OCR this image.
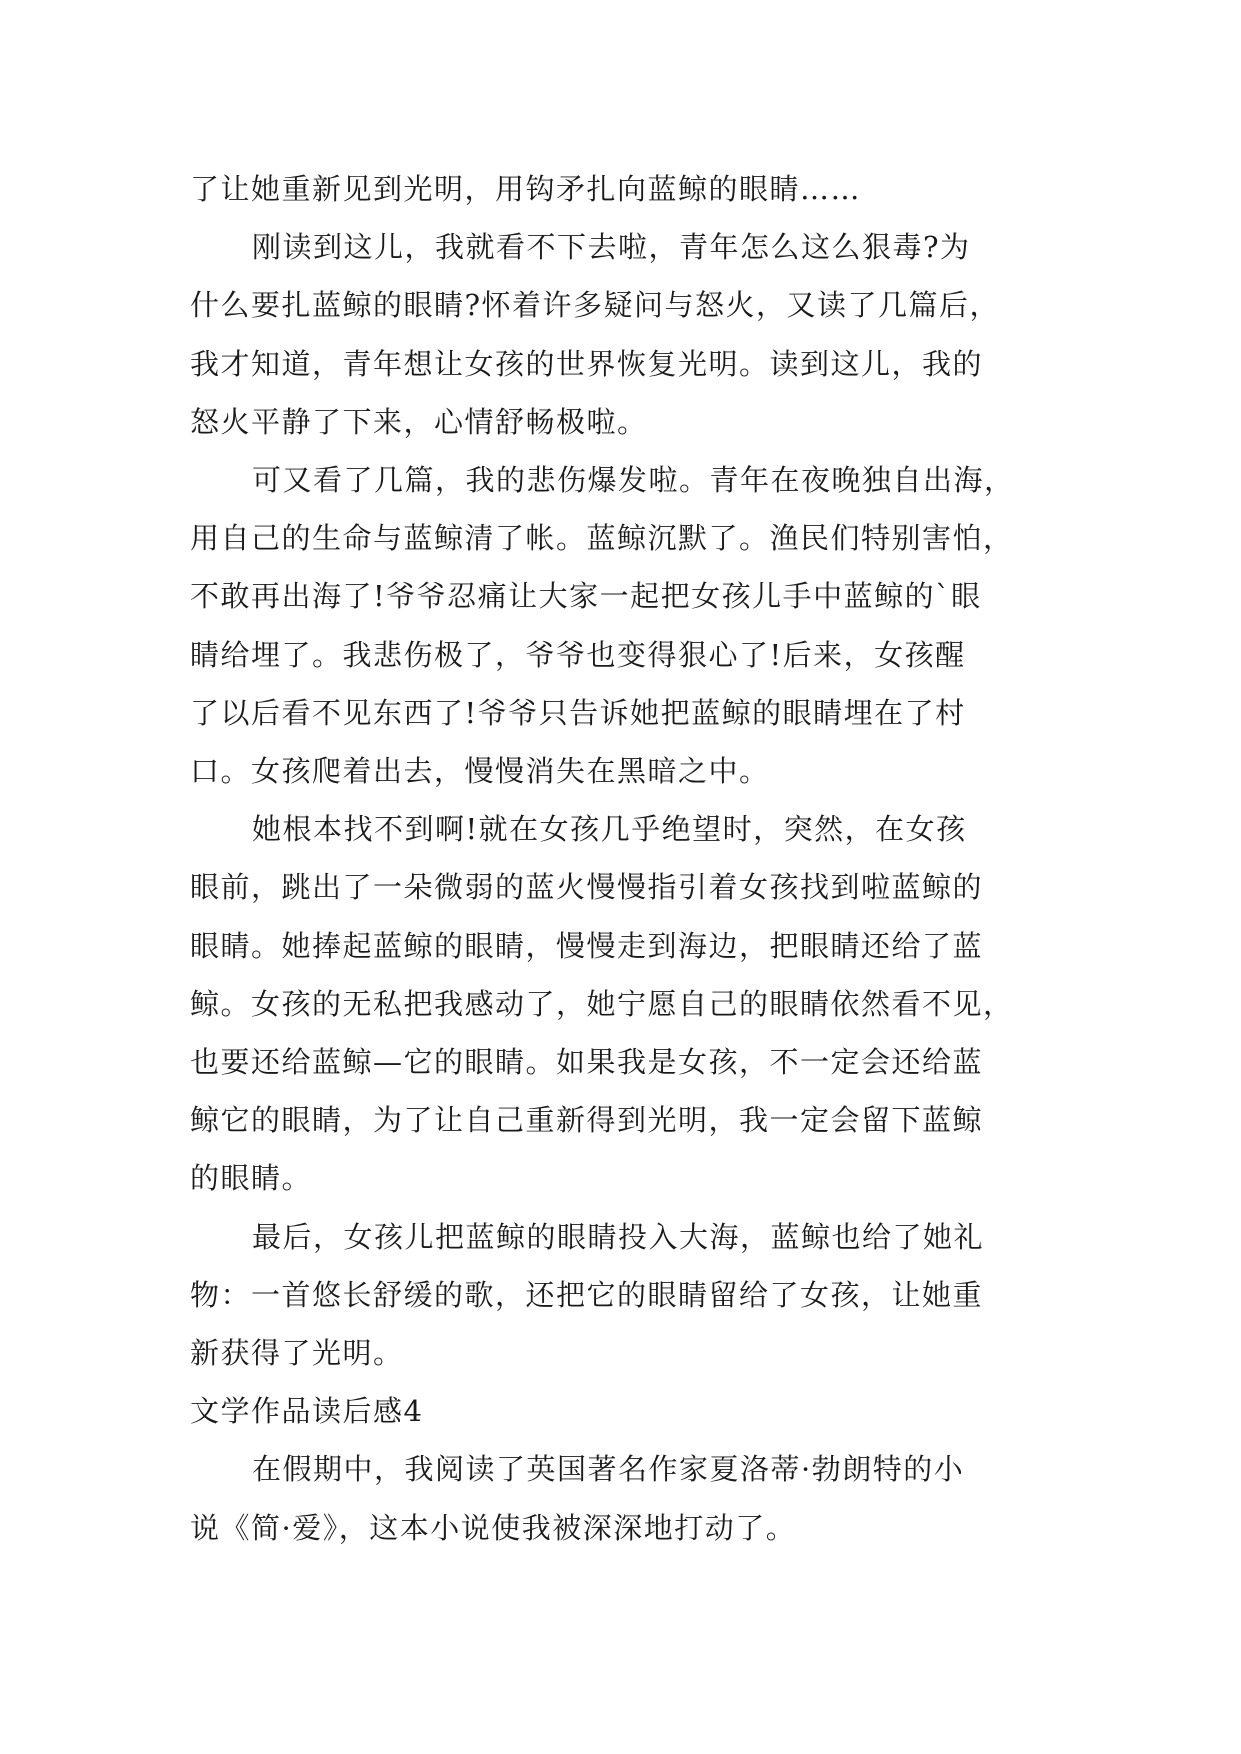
了让她重新见到光明，用钩矛扎向蓝鲸的眼睛……
刚读到这儿，我就看不下去啦，青年怎么这么狠毒?为
什么要扎蓝鲸的眼睛?怀着许多疑问与怒火，又读了几篇后，
我才知道，青年想让女孩的世界恢复光明。读到这儿，我的
怒火平静了下来，心情舒畅极啦。
可又看了几篇，我的悲伤爆发啦。青年在夜晚独自出海，
用自己的生命与蓝鲸清了帐。蓝鲸沉默了。渔民们特别害怕，
不敢再出海了!爷爷忍痛让大家一起把女孩儿手中蓝鲸的`眼
睛给埋了。我悲伤极了，爷爷也变得狠心了!后来，女孩醒
了以后看不见东西了!爷爷只告诉她把蓝鲸的眼睛埋在了村
口。女孩爬着出去，慢慢消失在黑暗之中。
她根本找不到啊!就在女孩几乎绝望时，突然，在女孩
眼前，跳出了一朵微弱的蓝火慢慢指引着女孩找到啦蓝鲸的
眼睛。她捧起蓝鲸的眼睛，慢慢走到海边，把眼睛还给了蓝
鲸。女孩的无私把我感动了，她宁愿自己的眼睛依然看不见，
也要还给蓝鲸—它的眼睛。如果我是女孩，不一定会还给蓝
鲸它的眼睛，为了让自己重新得到光明，我一定会留下蓝鲸
的眼睛。
最后，女孩儿把蓝鲸的眼睛投入大海，蓝鲸也给了她礼
物：一首悠长舒缓的歌，还把它的眼睛留给了女孩，让她重
新获得了光明。
文学作品读后感4
在假期中，我阅读了英国著名作家夏洛蒂·勃朗特的小
说《简·爱》，这本小说使我被深深地打动了。
